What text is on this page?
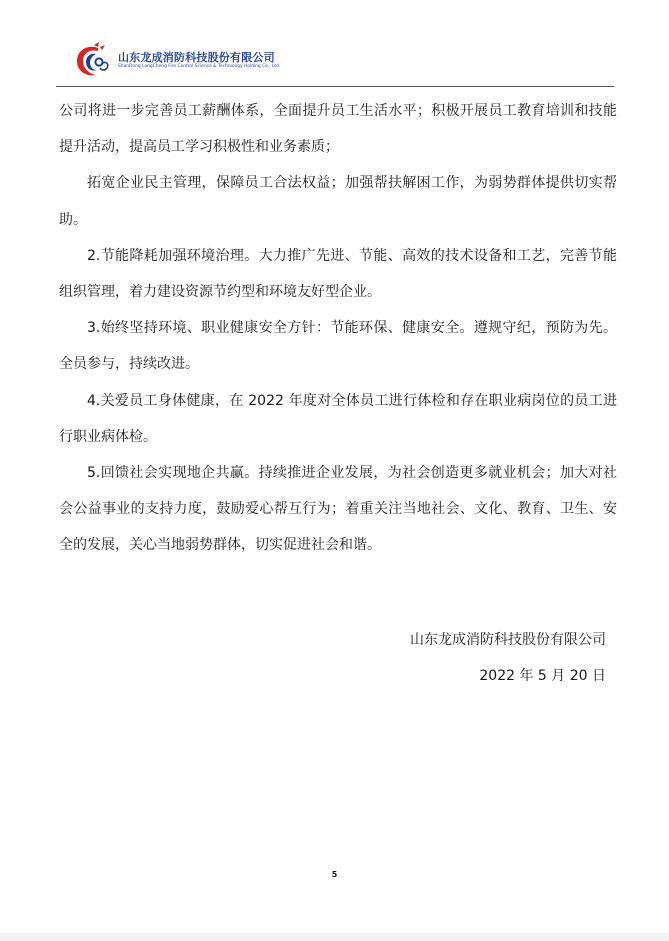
山东龙成消防科技股份有限公司
ShanDong LongCheng Fire Control Science & Technology Holding Co., Ltd.

公司将进一步完善员工薪酬体系，全面提升员工生活水平；积极开展员工教育培训和技能提升活动，提高员工学习积极性和业务素质；

拓宽企业民主管理，保障员工合法权益；加强帮扶解困工作，为弱势群体提供切实帮助。

2.节能降耗加强环境治理。大力推广先进、节能、高效的技术设备和工艺，完善节能组织管理，着力建设资源节约型和环境友好型企业。

3.始终坚持环境、职业健康安全方针：节能环保、健康安全。遵规守纪，预防为先。全员参与，持续改进。

4.关爱员工身体健康，在 2022 年度对全体员工进行体检和存在职业病岗位的员工进行职业病体检。

5.回馈社会实现地企共赢。持续推进企业发展，为社会创造更多就业机会；加大对社会公益事业的支持力度，鼓励爱心帮互行为；着重关注当地社会、文化、教育、卫生、安全的发展，关心当地弱势群体，切实促进社会和谐。

山东龙成消防科技股份有限公司
2022 年 5 月 20 日
5
